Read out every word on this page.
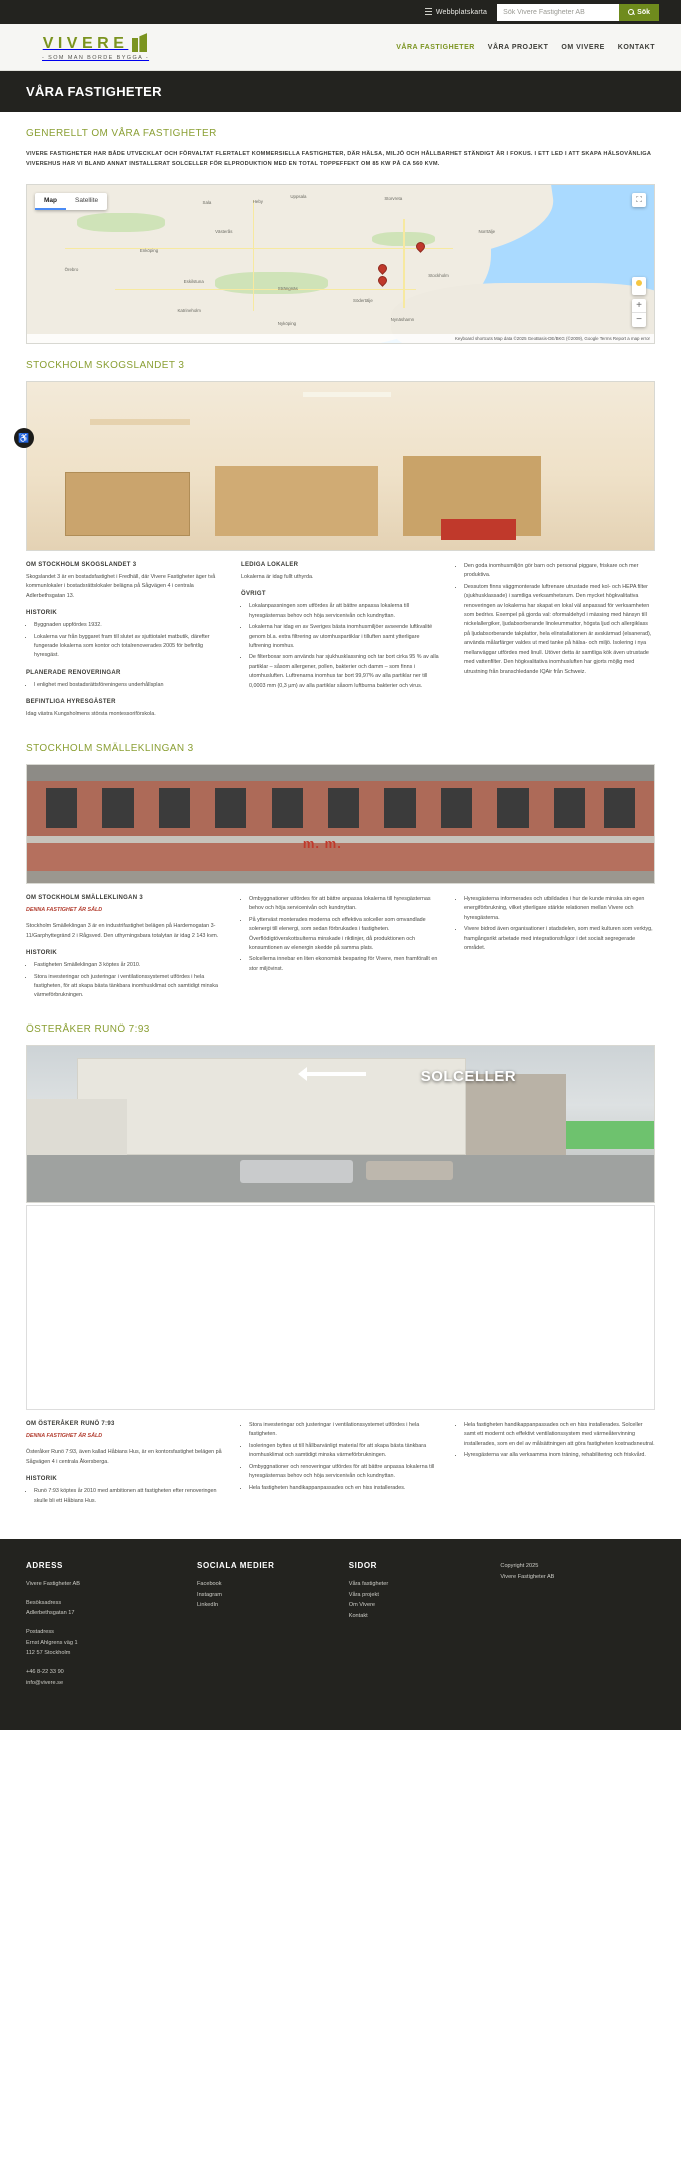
Webbplatskarta
Sök Vivere Fastigheter AB	Sök
VIVERE
- SOM MAN BORDE BYGGA -
VÅRA FASTIGHETER VÅRA PROJEKT OM VIVERE KONTAKT
VÅRA FASTIGHETER
GENERELLT OM VÅRA FASTIGHETER

VIVERE FASTIGHETER HAR BÅDE UTVECKLAT OCH FÖRVALTAT FLERTALET KOMMERSIELLA FASTIGHETER, DÄR HÄLSA, MILJÖ OCH HÅLLBARHET STÄNDIGT ÄR I FOKUS. I ETT LED I ATT SKAPA HÄLSOVÄNLIGA VIVEREHUS HAR VI BLAND ANNAT INSTALLERAT SOLCELLER FÖR ELPRODUKTION MED EN TOTAL TOPPEFFEKT OM 85 KW PÅ CA 560 KVM.

Uppsala
Sala	Heby
Storvreta
Västerås
Enköping
Örebro
Eskilstuna
Strängnäs
Södertälje
Stockholm
Norrtälje
Nynäshamn
Katrineholm
Nyköping
Map	Satellite	⛶
+
−
Keyboard shortcuts Map data ©2025 GeoBasis-DE/BKG (©2009), Google Terms Report a map error
STOCKHOLM SKOGSLANDET 3
OM STOCKHOLM SKOGSLANDET 3

Skogslandet 3 är en bostadsfastighet i Fredhäll, där Vivere Fastigheter äger två kommunlokaler i bostadsrättslokaler belägna på Sågvägen 4 i centrala Adlerbethsgatan 13.

HISTORIK
• Byggnaden uppfördes 1932.
• Lokalerna var från byggaret fram till slutet av sjuttiotalet matbutik, därefter fungerade lokalerna som kontor och totalrenoverades 2005 för befintlig hyresgäst.
PLANERADE RENOVERINGAR
• I enlighet med bostadsrättsföreningens underhållsplan
BEFINTLIGA HYRESGÄSTER

Idag västra Kungsholmens största montessoriförskola.

LEDIGA LOKALER

Lokalerna är idag fullt uthyrda.

ÖVRIGT
• Lokalanpassningen som utfördes år att bättre anpassa lokalerna till hyresgästernas behov och höja servicenivån och kundnyttan.
• Lokalerna har idag en av Sveriges bästa inomhusmiljöer avseende luftkvalité genom bl.a. extra filtrering av utomhuspartiklar i tilluften samt ytterligare luftrening inomhus.
• De filterboxar som används har sjukhusklassning och tar bort cirka 95 % av alla partiklar – såsom allergener, pollen, bakterier och damm – som finns i utomhusluften. Luftrenarna inomhus tar bort 99,97% av alla partiklar ner till 0,0003 mm (0,3 µm) av alla partiklar såsom luftburna bakterier och virus.
• Den goda inomhusmiljön gör barn och personal piggare, friskare och mer produktiva.
• Dessutom finns väggmonterade luftrenare utrustade med kol- och HEPA filter (sjukhusklassade) i samtliga verksamhetsrum. Den mycket högkvalitativa renoveringen av lokalerna har skapat en lokal väl anpassad för verksamheten som bedrivs. Exempel på gjorda val: oformaldehyd i mässing med hänsyn till nickelallergiker, ljudabsorberande linoleummattor, högsta ljud och allergiklass på ljudabsorberande takplattor, hela elinstallationen är avskärmad (elsanerad), använda målarfärger valdes ut med tanke på hälsa- och miljö. Isolering i nya mellanväggar utfördes med linull. Utöver detta är samtliga kök även utrustade med vattenfilter. Den högkvalitativa inomhusluften har gjorts möjlig med utrustning från branschledande IQAir från Schweiz.
STOCKHOLM SMÄLLEKLINGAN 3
m. m.
OM STOCKHOLM SMÄLLEKLINGAN 3

DENNA FASTIGHET ÄR SÅLD

Stockholm Smälleklingan 3 är en industrifastighet belägen på Hardemogatan 3-11/Garphyttegränd 2 i Rågsved. Den uthyrningsbara totalytan är idag 2 143 kvm.

HISTORIK
• Fastigheten Smälleklingan 3 köptes år 2010.
• Stora investeringar och justeringar i ventilationssystemet utfördes i hela fastigheten, för att skapa bästa tänkbara inomhusklimat och samtidigt minska värmeförbrukningen.
• Ombyggnationer utfördes för att bättre anpassa lokalerna till hyresgästernas behov och höja servicenivån och kundnyttan.
• På ytterväst monterades moderna och effektiva solceller som omvandlade solenergi till elenergi, som sedan förbrukades i fastigheten. Överflödigtöverskottsulterna minskade i riktlinjer, då produktionen och konsumtionen av elenergin skedde på samma plats.
• Solcellerna innebar en liten ekonomisk besparing för Vivere, men framförallt en stor miljövinst.
• Hyresgästerna informerades och utbildades i hur de kunde minska sin egen energiförbrukning, vilket ytterligare stärkte relationen mellan Vivere och hyresgästerna.
• Vivere bidrod även organisationer i stadsdelen, som med kulturen som verktyg, framgångsrikt arbetade med integrationsfrågor i det socialt segregerade området.
ÖSTERÅKER RUNÖ 7:93
SOLCELLER
OM ÖSTERÅKER RUNÖ 7:93

DENNA FASTIGHET ÄR SÅLD

Österåker Runö 7:93, även kallad Håbians Hus, är en kontorsfastighet belägen på Sågvägen 4 i centrala Åkersberga.

HISTORIK
• Runö 7:93 köptes år 2010 med ambitionen att fastigheten efter renoveringen skulle bli ett Håbians Hus.
• Stora investeringar och justeringar i ventilationssystemet utfördes i hela fastigheten.
• Isoleringen byttes ut till hållbarvänligt material för att skapa bästa tänkbara inomhusklimat och samtidigt minska värmeförbrukningen.
• Ombyggnationer och renoveringar utfördes för att bättre anpassa lokalerna till hyresgästernas behov och höja servicenivån och kundnyttan.
• Hela fastigheten handikappanpassades och en hiss installerades.
• Hela fastigheten handikappanpassades och en hiss installerades. Solceller samt ett modernt och effektivt ventilationssystem med värmeåtervinning installerades, som en del av målsättningen att göra fastigheten kostnadsneutral.
• Hyresgästerna var alla verksamma inom träning, rehabilitering och friskvård.
ADRESS

Vivere Fastigheter AB

Besöksadress

Adlerbethsgatan 17

Postadress

Ernst Ahlgrens väg 1

112 57 Stockholm

+46 8-22 33 90
info@vivere.se
SOCIALA MEDIER
Facebook
Instagram
LinkedIn
SIDOR
Våra fastigheter
Våra projekt
Om Vivere
Kontakt

Copyright 2025

Vivere Fastigheter AB

♿
